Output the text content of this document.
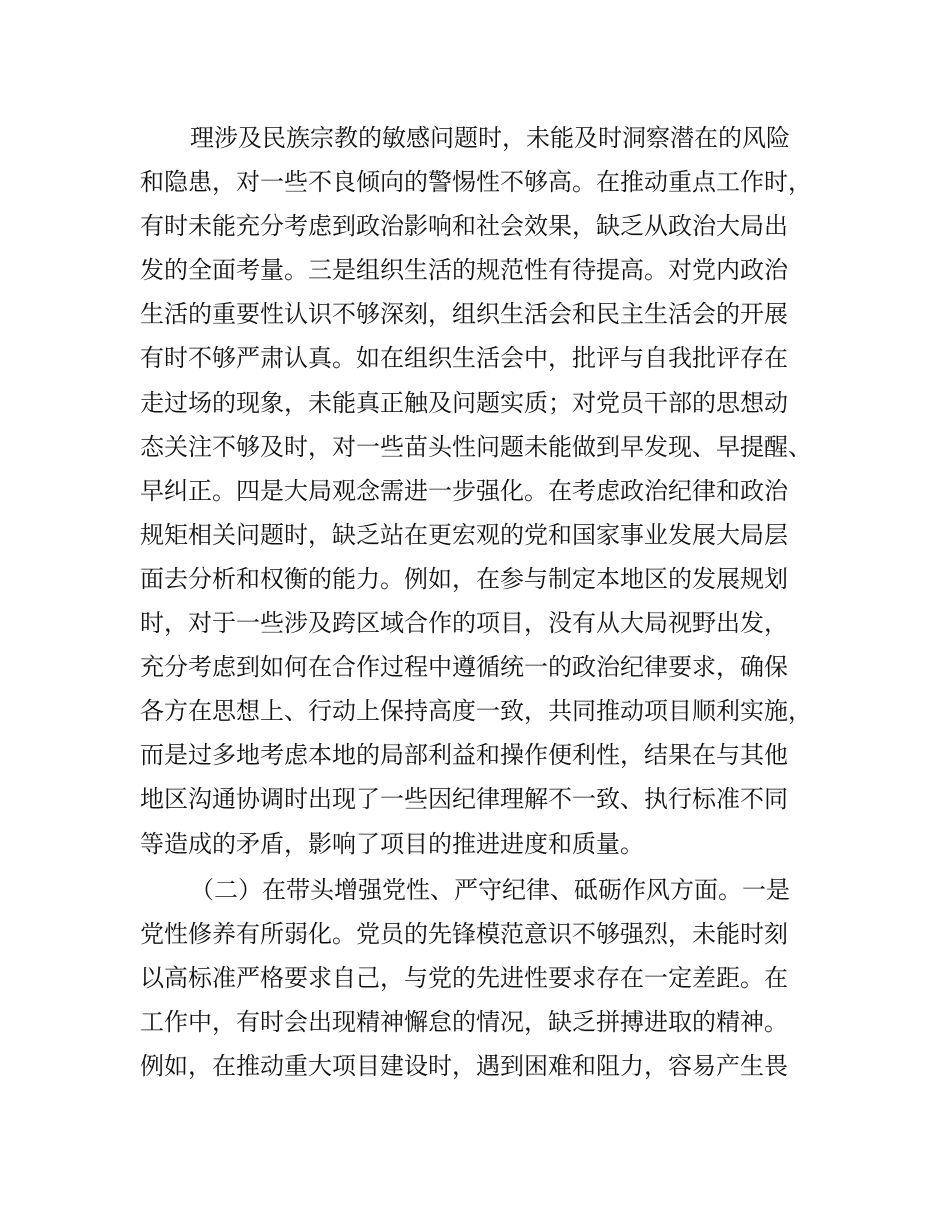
理涉及民族宗教的敏感问题时，未能及时洞察潜在的风险
和隐患，对一些不良倾向的警惕性不够高。在推动重点工作时，
有时未能充分考虑到政治影响和社会效果，缺乏从政治大局出
发的全面考量。三是组织生活的规范性有待提高。对党内政治
生活的重要性认识不够深刻，组织生活会和民主生活会的开展
有时不够严肃认真。如在组织生活会中，批评与自我批评存在
走过场的现象，未能真正触及问题实质；对党员干部的思想动
态关注不够及时，对一些苗头性问题未能做到早发现、早提醒、
早纠正。四是大局观念需进一步强化。在考虑政治纪律和政治
规矩相关问题时，缺乏站在更宏观的党和国家事业发展大局层
面去分析和权衡的能力。例如，在参与制定本地区的发展规划
时，对于一些涉及跨区域合作的项目，没有从大局视野出发，
充分考虑到如何在合作过程中遵循统一的政治纪律要求，确保
各方在思想上、行动上保持高度一致，共同推动项目顺利实施，
而是过多地考虑本地的局部利益和操作便利性，结果在与其他
地区沟通协调时出现了一些因纪律理解不一致、执行标准不同
等造成的矛盾，影响了项目的推进进度和质量。
（二）在带头增强党性、严守纪律、砥砺作风方面。一是
党性修养有所弱化。党员的先锋模范意识不够强烈，未能时刻
以高标准严格要求自己，与党的先进性要求存在一定差距。在
工作中，有时会出现精神懈怠的情况，缺乏拼搏进取的精神。
例如，在推动重大项目建设时，遇到困难和阻力，容易产生畏
